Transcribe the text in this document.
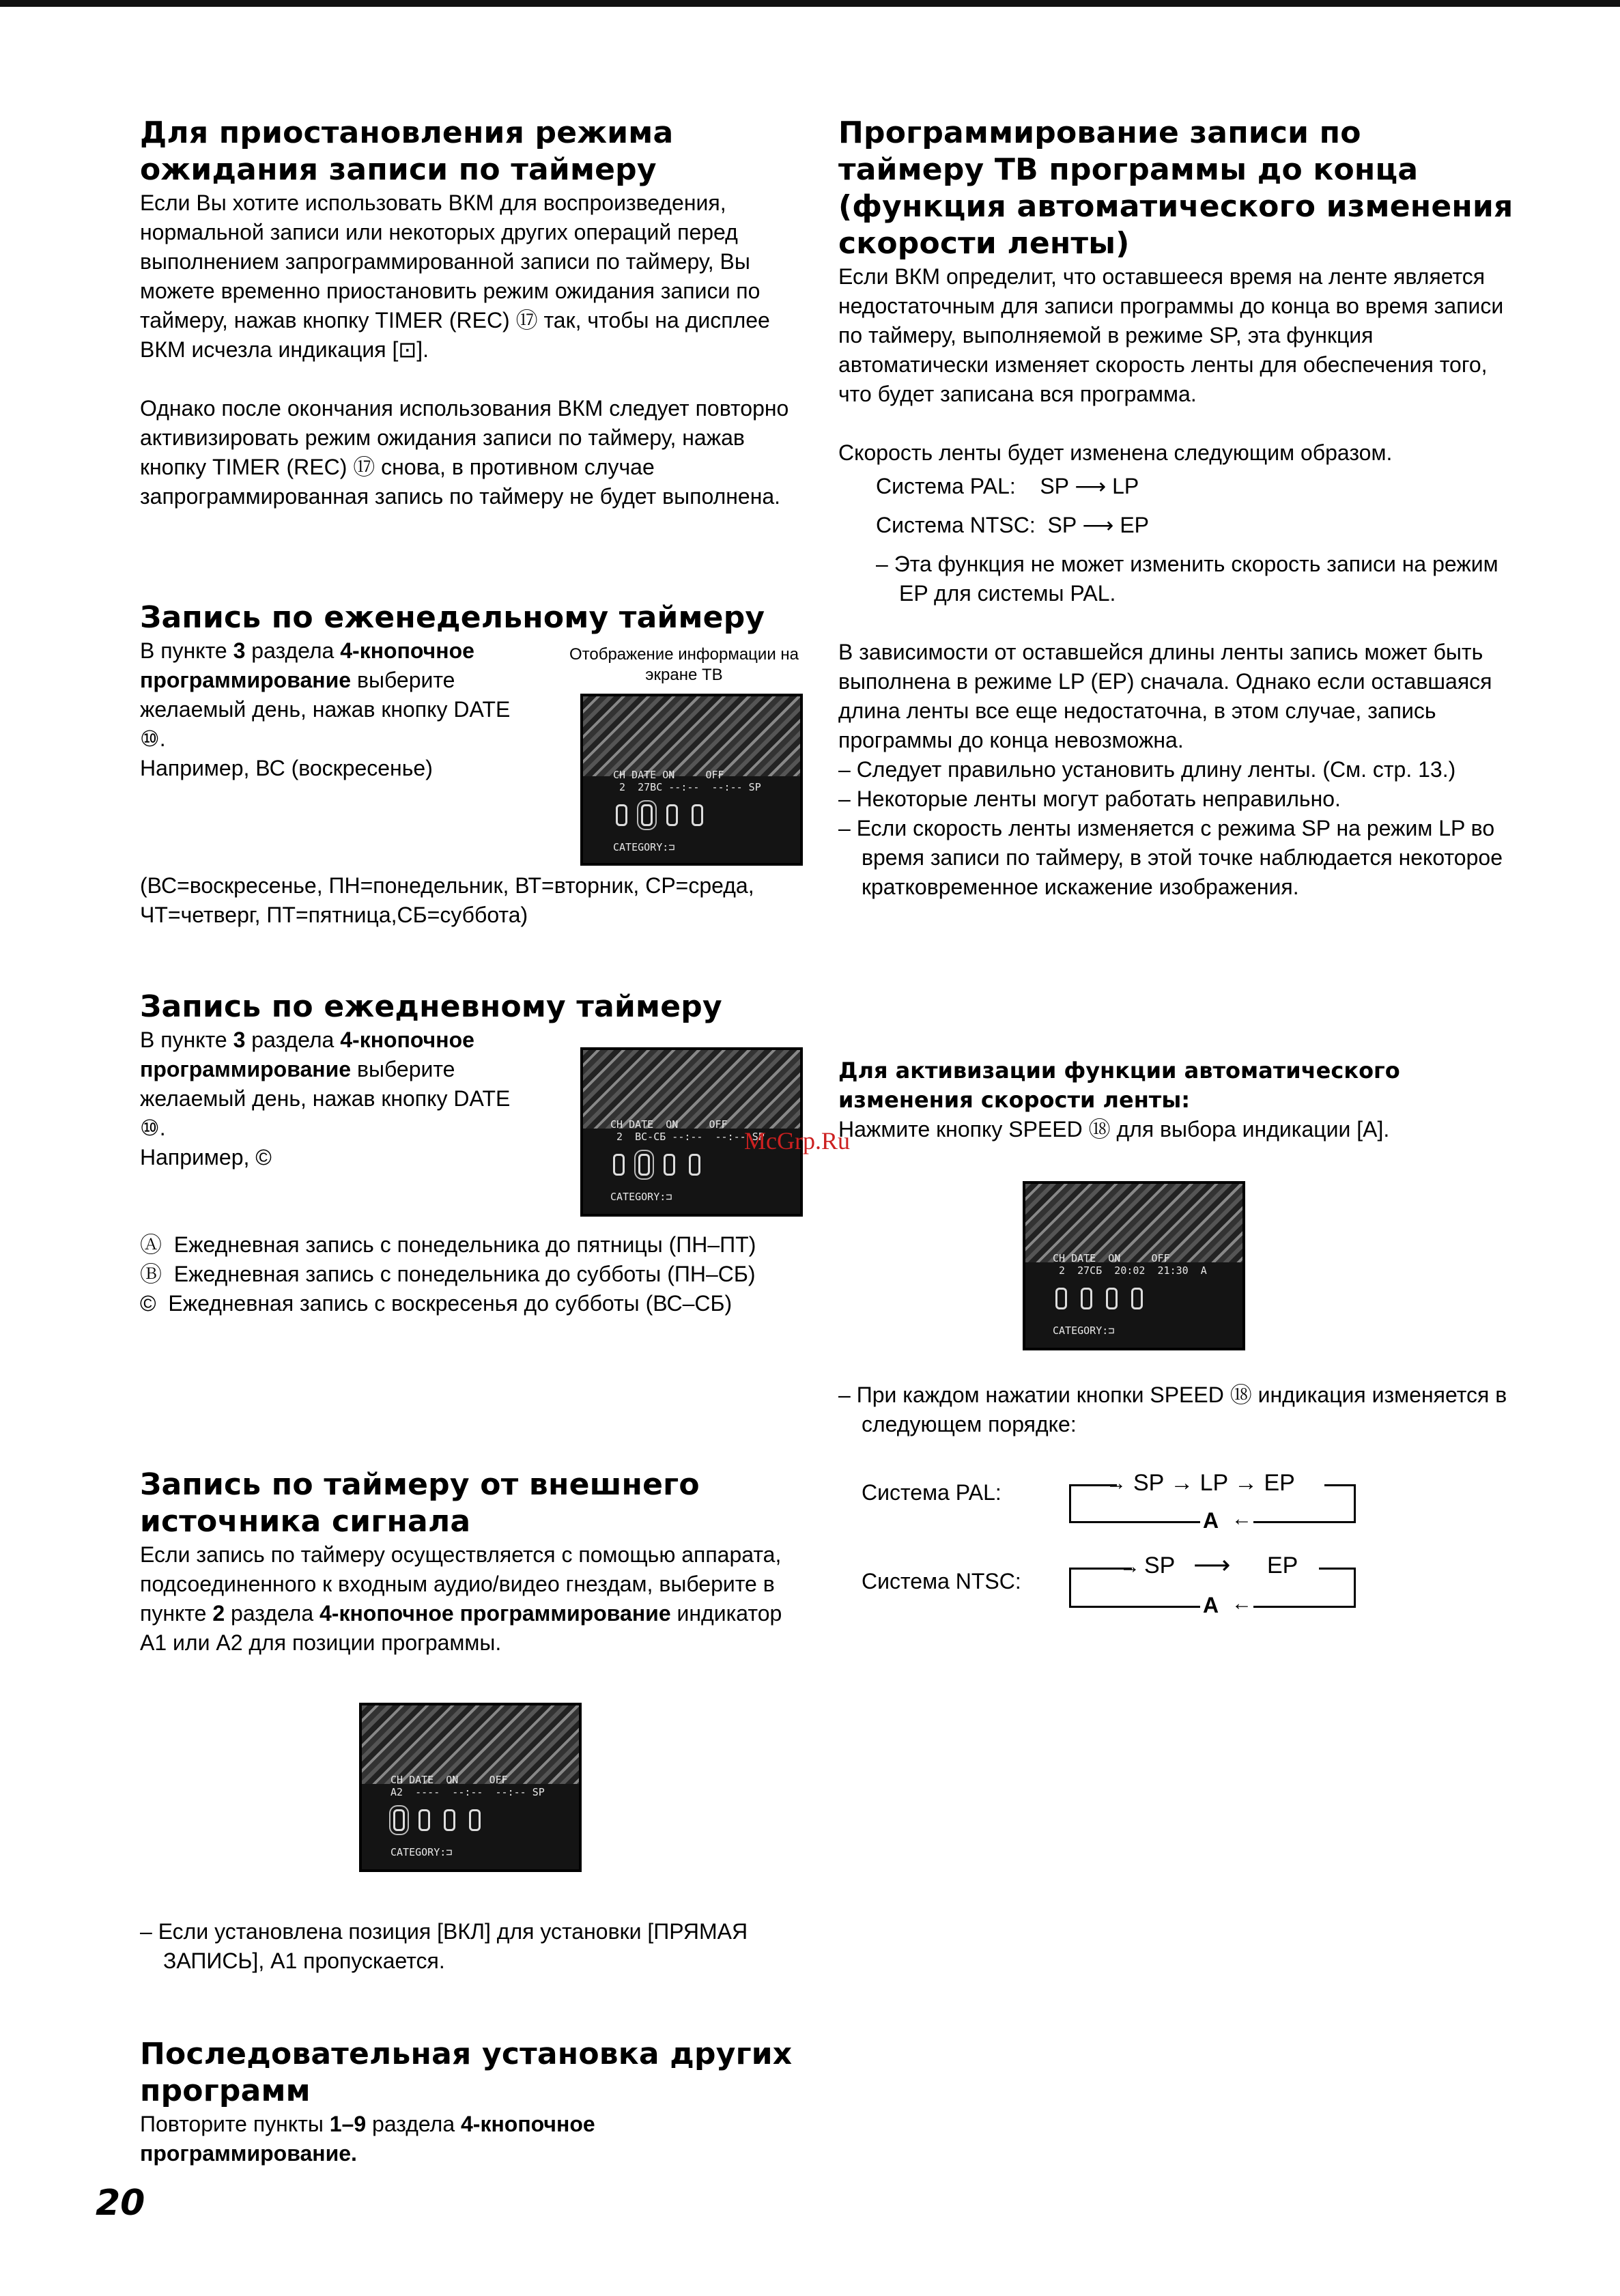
Для приостановления режима ожидания записи по таймеру

Если Вы хотите использовать ВКМ для воспроизведения, нормальной записи или некоторых других операций перед выполнением запрограммированной записи по таймеру, Вы можете временно приостановить режим ожидания записи по таймеру, нажав кнопку TIMER (REC) ⑰ так, чтобы на дисплее ВКМ исчезла индикация [⊡].

Однако после окончания использования ВКМ следует повторно активизировать режим ожидания записи по таймеру, нажав кнопку TIMER (REC) ⑰ снова, в противном случае запрограммированная запись по таймеру не будет выполнена.

Запись по еженедельному таймеру

В пункте 3 раздела 4-кнопочное программирование выберите желаемый день, нажав кнопку DATE ⑩.

Например, ВС (воскресенье)

Отображение информации на экране ТВ
CH DATE ON     OFF
2  27ВС --:--  --:-- SP
CATEGORY:⊐

(ВС=воскресенье, ПН=понедельник, ВТ=вторник, СР=среда, ЧТ=четверг, ПТ=пятница,СБ=суббота)

Запись по ежедневному таймеру

В пункте 3 раздела 4-кнопочное программирование выберите желаемый день, нажав кнопку DATE ⑩.

Например, ©

CH DATE  ON     OFF
2  ВС-СБ --:--  --:-- SP
CATEGORY:⊐

Ⓐ Ежедневная запись с понедельника до пятницы (ПН–ПТ)

Ⓑ Ежедневная запись с понедельника до субботы (ПН–СБ)

© Ежедневная запись с воскресенья до субботы (ВС–СБ)

Запись по таймеру от внешнего источника сигнала

Если запись по таймеру осуществляется с помощью аппарата, подсоединенного к входным аудио/видео гнездам, выберите в пункте 2 раздела 4-кнопочное программирование индикатор А1 или А2 для позиции программы.

CH DATE  ON     OFF
A2  ----  --:--  --:-- SP
CATEGORY:⊐

– Если установлена позиция [ВКЛ] для установки [ПРЯМАЯ ЗАПИСЬ], А1 пропускается.

Последовательная установка других программ

Повторите пункты 1–9 раздела 4-кнопочное программирование.

20
Программирование записи по таймеру ТВ программы до конца (функция автоматического изменения скорости ленты)

Если ВКМ определит, что оставшееся время на ленте является недостаточным для записи программы до конца во время записи по таймеру, выполняемой в режиме SP, эта функция автоматически изменяет скорость ленты для обеспечения того, что будет записана вся программа.

Скорость ленты будет изменена следующим образом.

Система PAL:    SP ⟶ LP

Система NTSC:  SP ⟶ EP

– Эта функция не может изменить скорость записи на режим EP для системы PAL.

В зависимости от оставшейся длины ленты запись может быть выполнена в режиме LP (EP) сначала. Однако если оставшаяся длина ленты все еще недостаточна, в этом случае, запись программы до конца невозможна.

– Следует правильно установить длину ленты. (См. стр. 13.)

– Некоторые ленты могут работать неправильно.

– Если скорость ленты изменяется с режима SP на режим LP во время записи по таймеру, в этой точке наблюдается некоторое кратковременное искажение изображения.

Для активизации функции автоматического изменения скорости ленты:

Нажмите кнопку SPEED ⑱ для выбора индикации [A].

McGrp.Ru
CH DATE  ON     OFF
2  27СБ  20:02  21:30  A
CATEGORY:⊐

– При каждом нажатии кнопки SPEED ⑱ индикация изменяется в следующем порядке:

Система PAL:	→ SP → LP → EP
A ←
Система NTSC:
→ SP ⟶ EP
A ←
